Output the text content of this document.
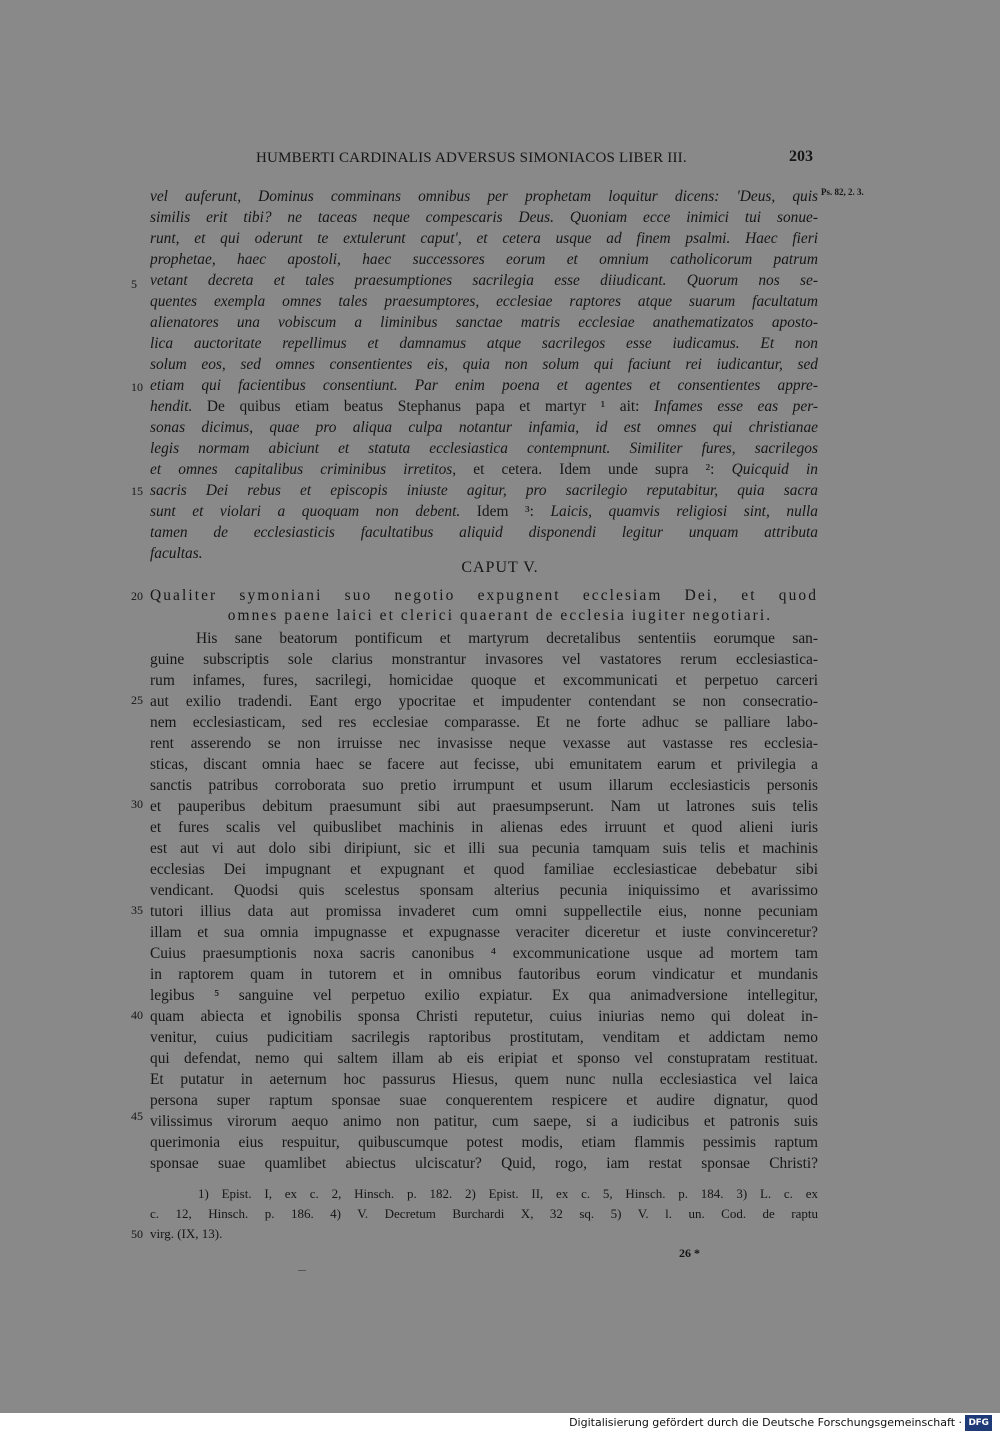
HUMBERTI CARDINALIS ADVERSUS SIMONIACOS LIBER III.	203
Ps. 82, 2. 3.
5
10
15
20
25
30
35
40
45
50
vel auferunt, Dominus comminans omnibus per prophetam loquitur dicens: 'Deus, quis
similis erit tibi? ne taceas neque compescaris Deus. Quoniam ecce inimici tui sonue-
runt, et qui oderunt te extulerunt caput', et cetera usque ad finem psalmi. Haec fieri
prophetae, haec apostoli, haec successores eorum et omnium catholicorum patrum
vetant decreta et tales praesumptiones sacrilegia esse diiudicant. Quorum nos se-
quentes exempla omnes tales praesumptores, ecclesiae raptores atque suarum facultatum
alienatores una vobiscum a liminibus sanctae matris ecclesiae anathematizatos aposto-
lica auctoritate repellimus et damnamus atque sacrilegos esse iudicamus. Et non
solum eos, sed omnes consentientes eis, quia non solum qui faciunt rei iudicantur, sed
etiam qui facientibus consentiunt. Par enim poena et agentes et consentientes appre-
hendit. De quibus etiam beatus Stephanus papa et martyr ¹ ait: Infames esse eas per-
sonas dicimus, quae pro aliqua culpa notantur infamia, id est omnes qui christianae
legis normam abiciunt et statuta ecclesiastica contempnunt. Similiter fures, sacrilegos
et omnes capitalibus criminibus irretitos, et cetera. Idem unde supra ²: Quicquid in
sacris Dei rebus et episcopis iniuste agitur, pro sacrilegio reputabitur, quia sacra
sunt et violari a quoquam non debent. Idem ³: Laicis, quamvis religiosi sint, nulla
tamen de ecclesiasticis facultatibus aliquid disponendi legitur unquam attributa
facultas.
CAPUT V.
Qualiter symoniani suo negotio expugnent ecclesiam Dei, et quod
omnes paene laici et clerici quaerant de ecclesia iugiter negotiari.
His sane beatorum pontificum et martyrum decretalibus sententiis eorumque san-
guine subscriptis sole clarius monstrantur invasores vel vastatores rerum ecclesiastica-
rum infames, fures, sacrilegi, homicidae quoque et excommunicati et perpetuo carceri
aut exilio tradendi. Eant ergo ypocritae et impudenter contendant se non consecratio-
nem ecclesiasticam, sed res ecclesiae comparasse. Et ne forte adhuc se palliare labo-
rent asserendo se non irruisse nec invasisse neque vexasse aut vastasse res ecclesia-
sticas, discant omnia haec se facere aut fecisse, ubi emunitatem earum et privilegia a
sanctis patribus corroborata suo pretio irrumpunt et usum illarum ecclesiasticis personis
et pauperibus debitum praesumunt sibi aut praesumpserunt. Nam ut latrones suis telis
et fures scalis vel quibuslibet machinis in alienas edes irruunt et quod alieni iuris
est aut vi aut dolo sibi diripiunt, sic et illi sua pecunia tamquam suis telis et machinis
ecclesias Dei impugnant et expugnant et quod familiae ecclesiasticae debebatur sibi
vendicant. Quodsi quis scelestus sponsam alterius pecunia iniquissimo et avarissimo
tutori illius data aut promissa invaderet cum omni suppellectile eius, nonne pecuniam
illam et sua omnia impugnasse et expugnasse veraciter diceretur et iuste convinceretur?
Cuius praesumptionis noxa sacris canonibus ⁴ excommunicatione usque ad mortem tam
in raptorem quam in tutorem et in omnibus fautoribus eorum vindicatur et mundanis
legibus ⁵ sanguine vel perpetuo exilio expiatur. Ex qua animadversione intellegitur,
quam abiecta et ignobilis sponsa Christi reputetur, cuius iniurias nemo qui doleat in-
venitur, cuius pudicitiam sacrilegis raptoribus prostitutam, venditam et addictam nemo
qui defendat, nemo qui saltem illam ab eis eripiat et sponso vel constupratam restituat.
Et putatur in aeternum hoc passurus Hiesus, quem nunc nulla ecclesiastica vel laica
persona super raptum sponsae suae conquerentem respicere et audire dignatur, quod
vilissimus virorum aequo animo non patitur, cum saepe, si a iudicibus et patronis suis
querimonia eius respuitur, quibuscumque potest modis, etiam flammis pessimis raptum
sponsae suae quamlibet abiectus ulciscatur? Quid, rogo, iam restat sponsae Christi?
1) Epist. I, ex c. 2, Hinsch. p. 182. 2) Epist. II, ex c. 5, Hinsch. p. 184. 3) L. c. ex
c. 12, Hinsch. p. 186. 4) V. Decretum Burchardi X, 32 sq. 5) V. l. un. Cod. de raptu
virg. (IX, 13).
26 *
Digitalisierung gefördert durch die Deutsche Forschungsgemeinschaft · DFG
